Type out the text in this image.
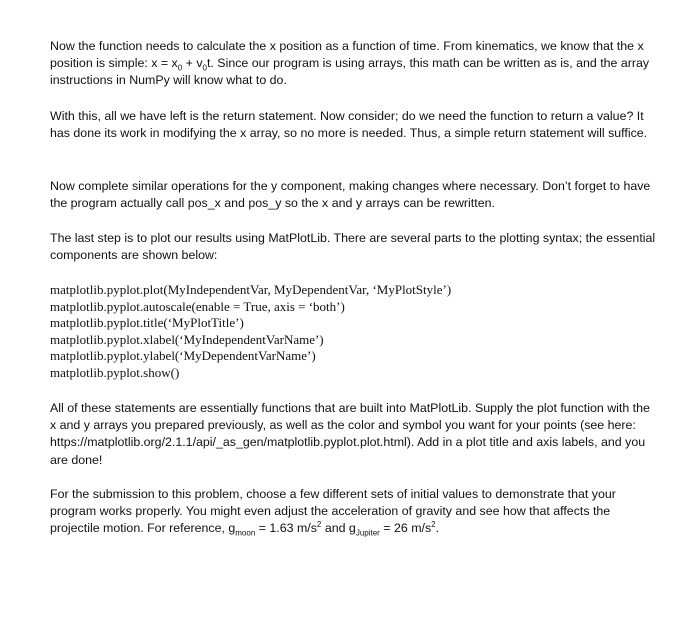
Now the function needs to calculate the x position as a function of time. From kinematics, we know that the x position is simple: $x = x_0 + v_0t$. Since our program is using arrays, this math can be written as is, and the array instructions in NumPy will know what to do.

With this, all we have left is the return statement. Now consider; do we need the function to return a value? It has done its work in modifying the x array, so no more is needed. Thus, a simple return statement will suffice.

Now complete similar operations for the y component, making changes where necessary. Don’t forget to have the program actually call pos_x and pos_y so the x and y arrays can be rewritten.

The last step is to plot our results using MatPlotLib. There are several parts to the plotting syntax; the essential components are shown below:

matplotlib.pyplot.plot(MyIndependentVar, MyDependentVar, ‘MyPlotStyle’)
matplotlib.pyplot.autoscale(enable = True, axis = ‘both’)
matplotlib.pyplot.title(‘MyPlotTitle’)
matplotlib.pyplot.xlabel(‘MyIndependentVarName’)
matplotlib.pyplot.ylabel(‘MyDependentVarName’)
matplotlib.pyplot.show()

All of these statements are essentially functions that are built into MatPlotLib. Supply the plot function with the x and y arrays you prepared previously, as well as the color and symbol you want for your points (see here: https://matplotlib.org/2.1.1/api/_as_gen/matplotlib.pyplot.plot.html). Add in a plot title and axis labels, and you are done!

For the submission to this problem, choose a few different sets of initial values to demonstrate that your program works properly. You might even adjust the acceleration of gravity and see how that affects the projectile motion. For reference, $g_{moon} = 1.63$ $m/s^2$ and $g_{Jupiter} = 26$ $m/s^2$.
